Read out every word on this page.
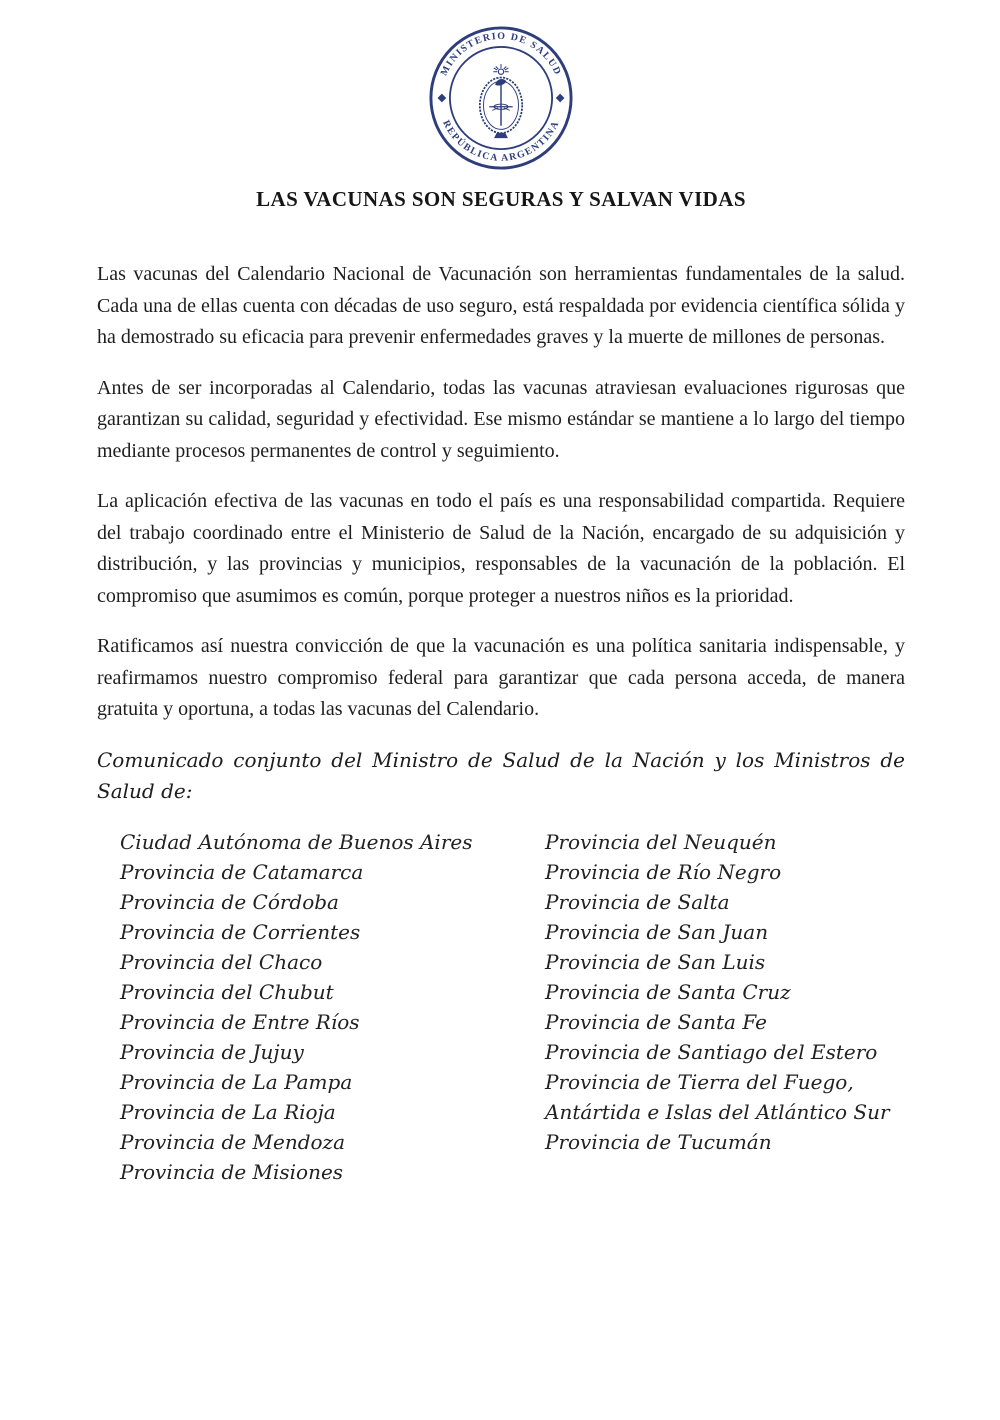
MINISTERIO DE SALUD
REPÚBLICA ARGENTINA
LAS VACUNAS SON SEGURAS Y SALVAN VIDAS

Las vacunas del Calendario Nacional de Vacunación son herramientas fundamentales de la salud. Cada una de ellas cuenta con décadas de uso seguro, está respaldada por evidencia científica sólida y ha demostrado su eficacia para prevenir enfermedades graves y la muerte de millones de personas.

Antes de ser incorporadas al Calendario, todas las vacunas atraviesan evaluaciones rigurosas que garantizan su calidad, seguridad y efectividad. Ese mismo estándar se mantiene a lo largo del tiempo mediante procesos permanentes de control y seguimiento.

La aplicación efectiva de las vacunas en todo el país es una responsabilidad compartida. Requiere del trabajo coordinado entre el Ministerio de Salud de la Nación, encargado de su adquisición y distribución, y las provincias y municipios, responsables de la vacunación de la población. El compromiso que asumimos es común, porque proteger a nuestros niños es la prioridad.

Ratificamos así nuestra convicción de que la vacunación es una política sanitaria indispensable, y reafirmamos nuestro compromiso federal para garantizar que cada persona acceda, de manera gratuita y oportuna, a todas las vacunas del Calendario.

Comunicado conjunto del Ministro de Salud de la Nación y los Ministros de Salud de:

Ciudad Autónoma de Buenos Aires
Provincia de Catamarca
Provincia de Córdoba
Provincia de Corrientes
Provincia del Chaco
Provincia del Chubut
Provincia de Entre Ríos
Provincia de Jujuy
Provincia de La Pampa
Provincia de La Rioja
Provincia de Mendoza
Provincia de Misiones
Provincia del Neuquén
Provincia de Río Negro
Provincia de Salta
Provincia de San Juan
Provincia de San Luis
Provincia de Santa Cruz
Provincia de Santa Fe
Provincia de Santiago del Estero
Provincia de Tierra del Fuego, Antártida e Islas del Atlántico Sur
Provincia de Tucumán
